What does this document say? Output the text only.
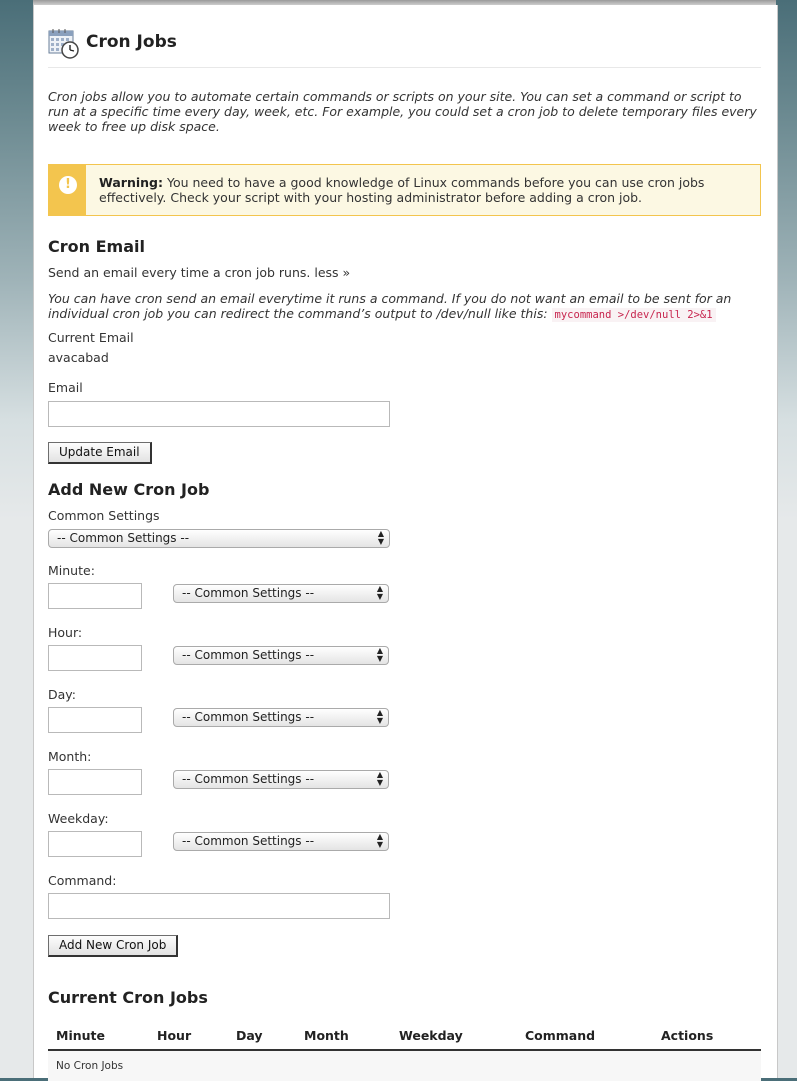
Cron Jobs
Cron jobs allow you to automate certain commands or scripts on your site. You can set a command or script to run at a specific time every day, week, etc. For example, you could set a cron job to delete temporary files every week to free up disk space.
!	Warning: You need to have a good knowledge of Linux commands before you can use cron jobs effectively. Check your script with your hosting administrator before adding a cron job.
Cron Email
Send an email every time a cron job runs. less »
You can have cron send an email everytime it runs a command. If you do not want an email to be sent for an individual cron job you can redirect the command’s output to /dev/null like this: mycommand >/dev/null 2>&1
Current Email
avacabad
Email
Update Email
Add New Cron Job
Common Settings
-- Common Settings --	▲
▼
Minute:
-- Common Settings --	▲
▼
Hour:
-- Common Settings --	▲
▼
Day:
-- Common Settings --	▲
▼
Month:
-- Common Settings --	▲
▼
Weekday:
-- Common Settings --	▲
▼
Command:
Add New Cron Job
Current Cron Jobs
Minute	Hour	Day	Month	Weekday	Command	Actions
No Cron Jobs
